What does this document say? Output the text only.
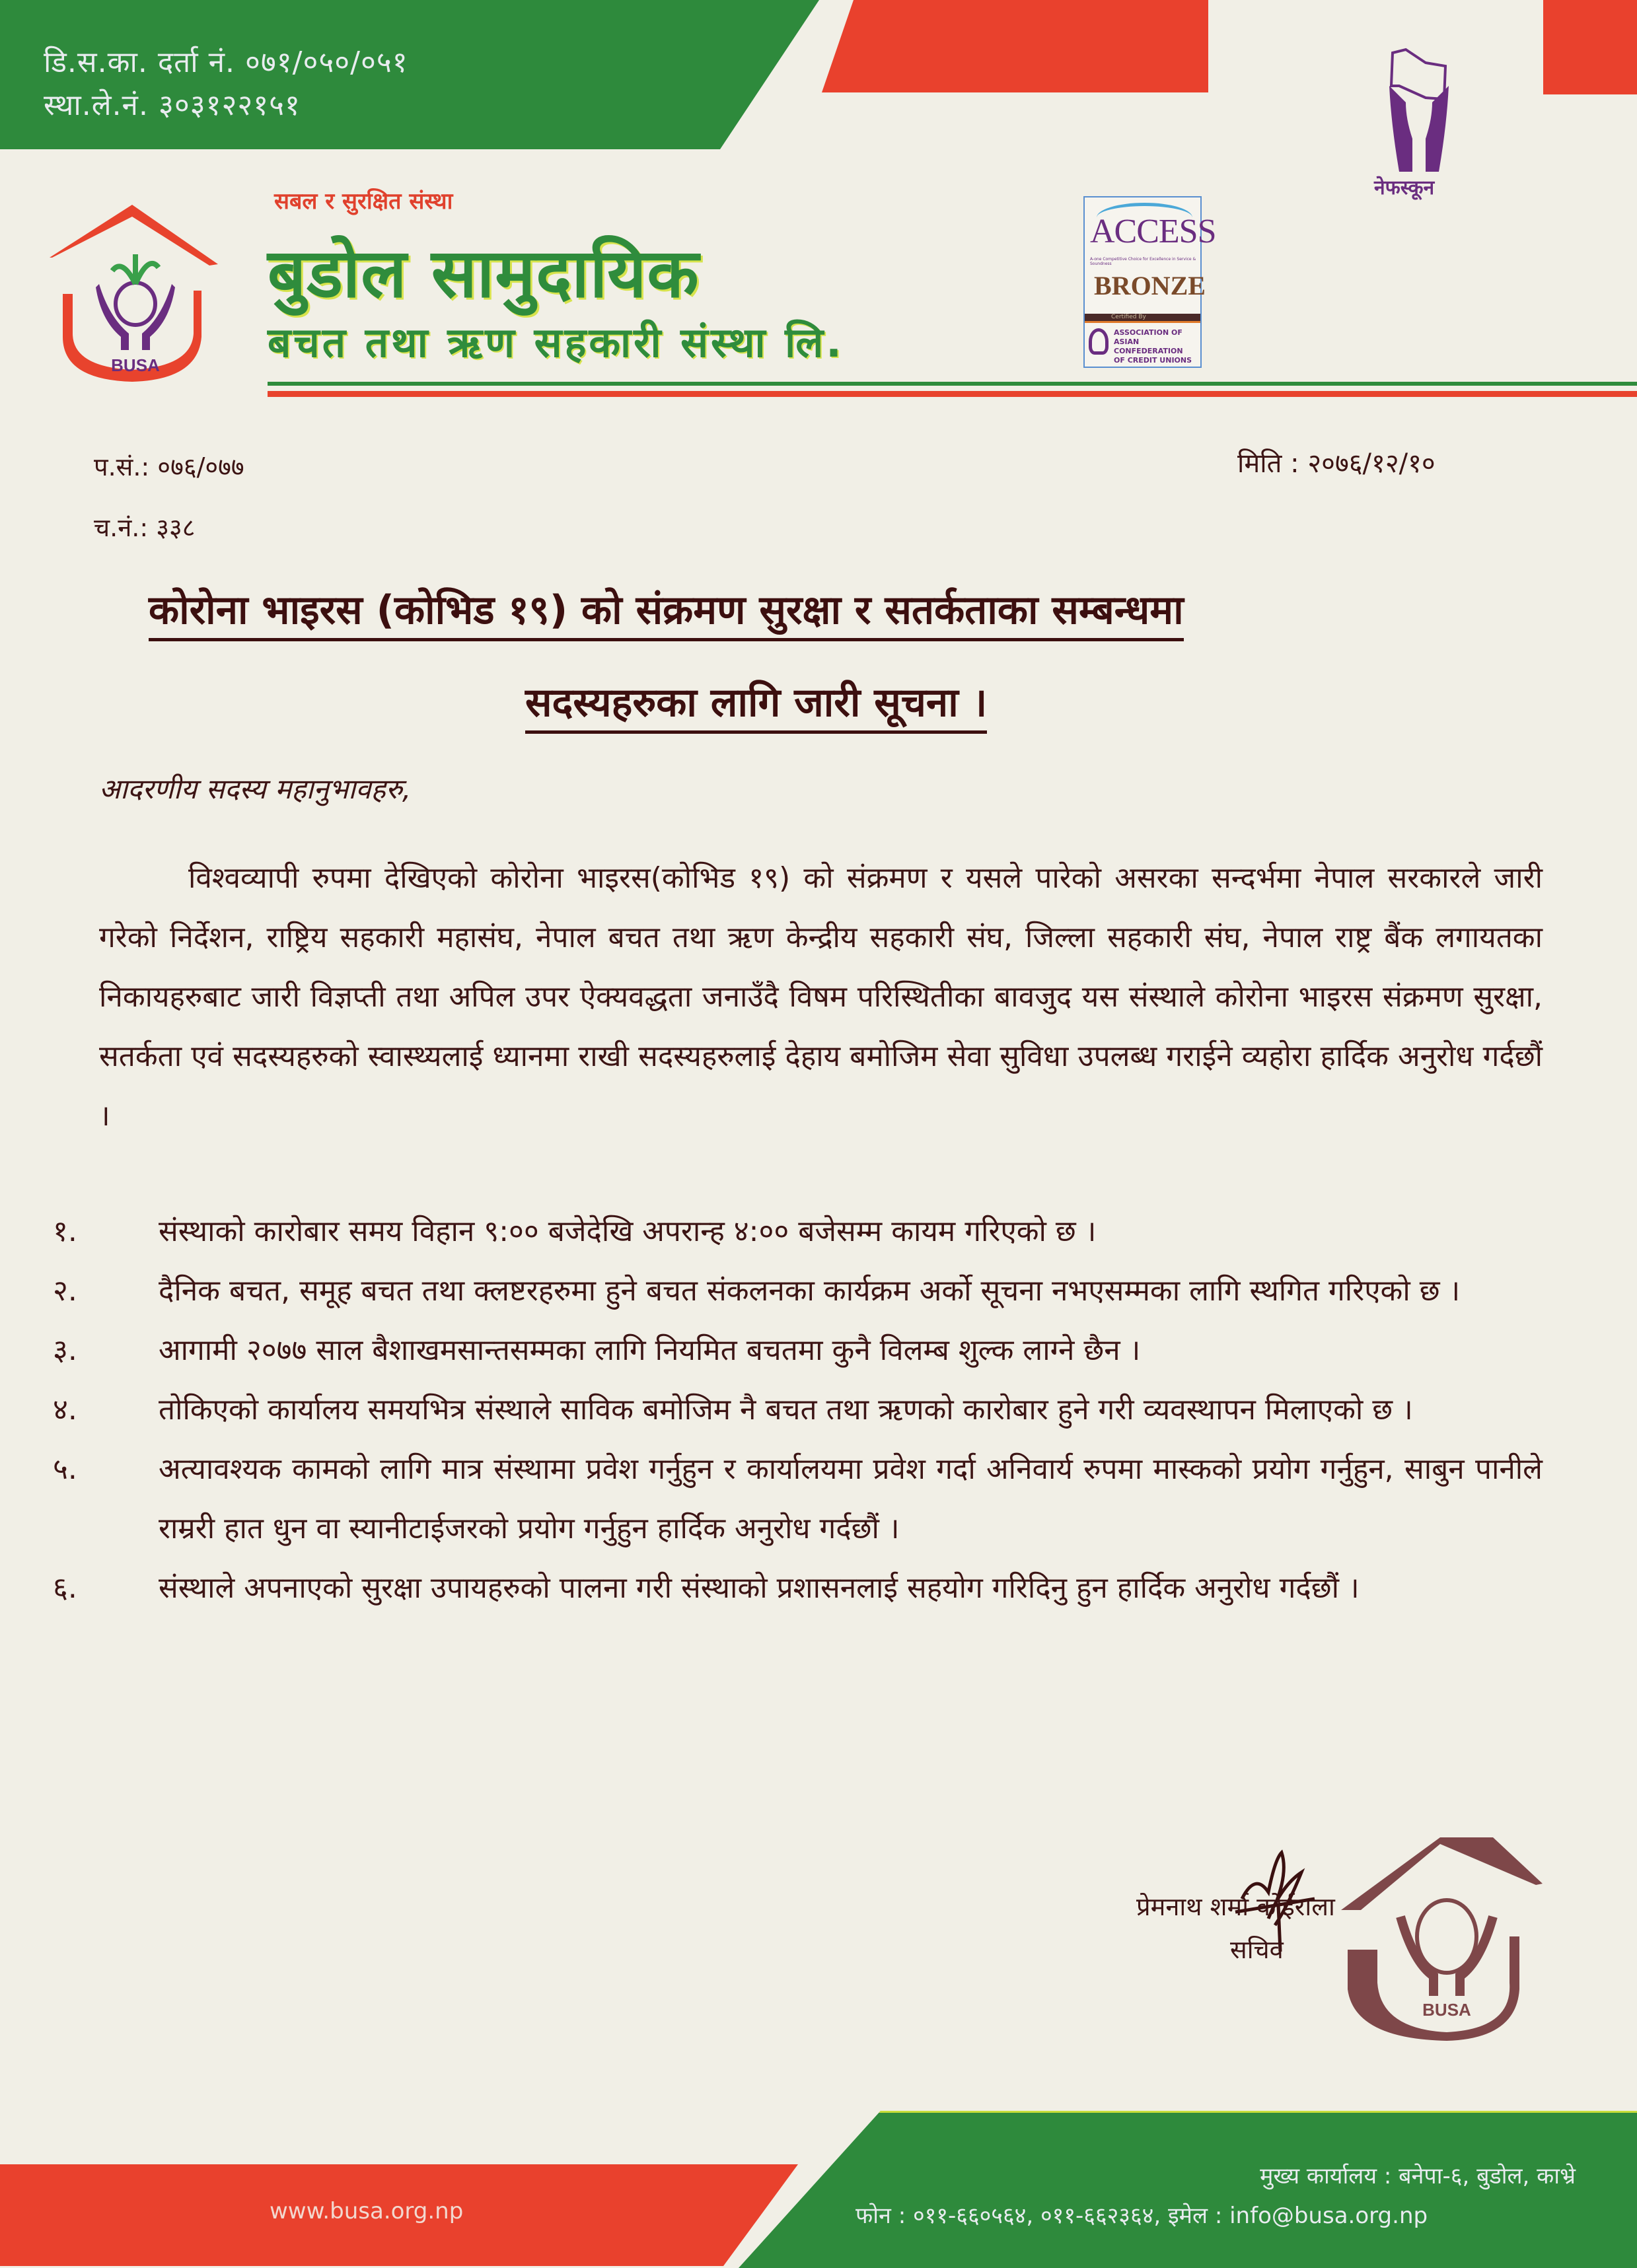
डि.स.का. दर्ता नं. ०७१/०५०/०५१
स्था.ले.नं. ३०३१२२१५१
BUSA
सबल र सुरक्षित संस्था
बुडोल सामुदायिक
बचत तथा ऋण सहकारी संस्था लि.
ACCESS
A-one Competitive Choice for Excellence in Service & Soundness
BRONZE
Certified By
ASSOCIATION OF
ASIAN CONFEDERATION
OF CREDIT UNIONS
नेफस्कून
प.सं.: ०७६/०७७
च.नं.: ३३८
मिति : २०७६/१२/१०
कोरोना भाइरस (कोभिड १९) को संक्रमण सुरक्षा र सतर्कताका सम्बन्धमा
सदस्यहरुका लागि जारी सूचना ।
आदरणीय सदस्य महानुभावहरु,
विश्वव्यापी रुपमा देखिएको कोरोना भाइरस(कोभिड १९) को संक्रमण र यसले पारेको असरका सन्दर्भमा नेपाल सरकारले जारी गरेको निर्देशन, राष्ट्रिय सहकारी महासंघ, नेपाल बचत तथा ऋण केन्द्रीय सहकारी संघ, जिल्ला सहकारी संघ, नेपाल राष्ट्र बैंक लगायतका निकायहरुबाट जारी विज्ञप्ती तथा अपिल उपर ऐक्यवद्धता जनाउँदै विषम परिस्थितीका बावजुद यस संस्थाले कोरोना भाइरस संक्रमण सुरक्षा, सतर्कता एवं सदस्यहरुको स्वास्थ्यलाई ध्यानमा राखी सदस्यहरुलाई देहाय बमोजिम सेवा सुविधा उपलब्ध गराईने व्यहोरा हार्दिक अनुरोध गर्दछौं ।
१.	संस्थाको कारोबार समय विहान ९:०० बजेदेखि अपरान्ह ४:०० बजेसम्म कायम गरिएको छ ।
२.	दैनिक बचत, समूह बचत तथा क्लष्टरहरुमा हुने बचत संकलनका कार्यक्रम अर्को सूचना नभएसम्मका लागि स्थगित गरिएको छ ।
३.	आगामी २०७७ साल बैशाखमसान्तसम्मका लागि नियमित बचतमा कुनै विलम्ब शुल्क लाग्ने छैन ।
४.	तोकिएको कार्यालय समयभित्र संस्थाले साविक बमोजिम नै बचत तथा ऋणको कारोबार हुने गरी व्यवस्थापन मिलाएको छ ।
५.	अत्यावश्यक कामको लागि मात्र संस्थामा प्रवेश गर्नुहुन र कार्यालयमा प्रवेश गर्दा अनिवार्य रुपमा मास्कको प्रयोग गर्नुहुन, साबुन पानीले राम्ररी हात धुन वा स्यानीटाईजरको प्रयोग गर्नुहुन हार्दिक अनुरोध गर्दछौं ।
६.	संस्थाले अपनाएको सुरक्षा उपायहरुको पालना गरी संस्थाको प्रशासनलाई सहयोग गरिदिनु हुन हार्दिक अनुरोध गर्दछौं ।
प्रेमनाथ शर्मा कोईराला
सचिव
BUSA
www.busa.org.np
मुख्य कार्यालय : बनेपा-६, बुडोल, काभ्रे
फोन : ०११-६६०५६४, ०११-६६२३६४, इमेल : info@busa.org.np
